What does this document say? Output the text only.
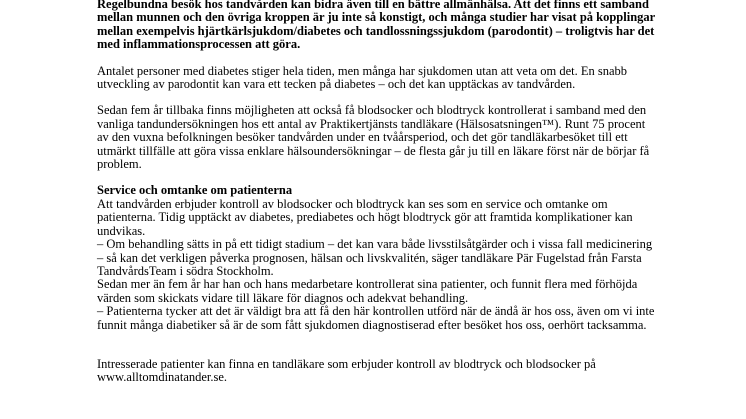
Regelbundna besök hos tandvården kan bidra även till en bättre allmänhälsa. Att det finns ett samband mellan munnen och den övriga kroppen är ju inte så konstigt, och många studier har visat på kopplingar mellan exempelvis hjärtkärlsjukdom/diabetes och tandlossningssjukdom (parodontit) – troligtvis har det med inflammationsprocessen att göra.

Antalet personer med diabetes stiger hela tiden, men många har sjukdomen utan att veta om det. En snabb utveckling av parodontit kan vara ett tecken på diabetes – och det kan upptäckas av tandvården.

Sedan fem år tillbaka finns möjligheten att också få blodsocker och blodtryck kontrollerat i samband med den vanliga tandundersökningen hos ett antal av Praktikertjänsts tandläkare (Hälsosatsningen™). Runt 75 procent av den vuxna befolkningen besöker tandvården under en tvåårsperiod, och det gör tandläkarbesöket till ett utmärkt tillfälle att göra vissa enklare hälsoundersökningar – de flesta går ju till en läkare först när de börjar få problem.

Service och omtanke om patienterna

Att tandvården erbjuder kontroll av blodsocker och blodtryck kan ses som en service och omtanke om patienterna. Tidig upptäckt av diabetes, prediabetes och högt blodtryck gör att framtida komplikationer kan undvikas.

– Om behandling sätts in på ett tidigt stadium – det kan vara både livsstilsåtgärder och i vissa fall medicinering – så kan det verkligen påverka prognosen, hälsan och livskvalitén, säger tandläkare Pär Fugelstad från Farsta TandvårdsTeam i södra Stockholm.

Sedan mer än fem år har han och hans medarbetare kontrollerat sina patienter, och funnit flera med förhöjda värden som skickats vidare till läkare för diagnos och adekvat behandling.

– Patienterna tycker att det är väldigt bra att få den här kontrollen utförd när de ändå är hos oss, även om vi inte funnit många diabetiker så är de som fått sjukdomen diagnostiserad efter besöket hos oss, oerhört tacksamma.

Intresserade patienter kan finna en tandläkare som erbjuder kontroll av blodtryck och blodsocker på www.alltomdinatander.se.
